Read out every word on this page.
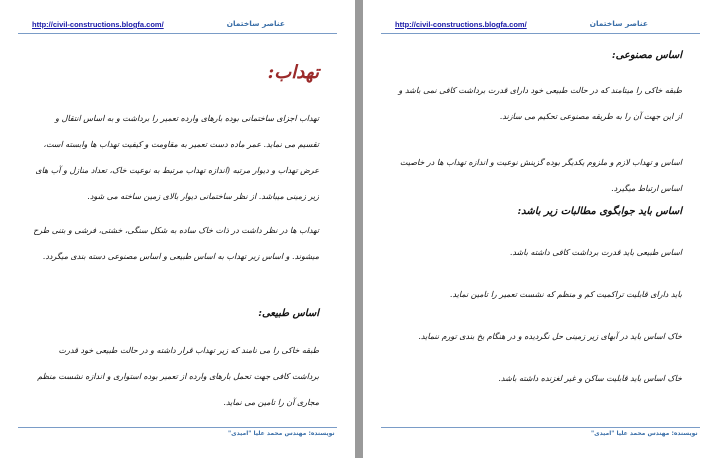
http://civil-constructions.blogfa.com/	عناصر ساختمان

تهداب:

تهداب اجزای ساختمانی بوده بارهای وارده تعمیر را برداشت و به اساس انتقال و تقسیم می نماید. عمر ماده دست تعمیر به مقاومت و کیفیت تهداب ها وابسته است، عرض تهداب و دیوار مرتبه (اندازه تهداب مرتبط به نوعیت خاک، تعداد منازل و آب های زیر زمینی میباشد. از نظر ساختمانی دیوار بالای زمین ساخته می شود.

تهداب ها در نظر داشت در ذات خاک ساده به شکل سنگی، خشتی، فرشی و بتنی طرح میشوند. و اساس زیر تهداب به اساس طبیعی و اساس مصنوعی دسته بندی میگردد.

اساس طبیعی:

طبقه خاکی را می نامند که زیر تهداب قرار داشته و در حالت طبیعی خود قدرت برداشت کافی جهت تحمل بارهای وارده از تعمیر بوده استواری و اندازه نشست منظم مجاری آن را تامین می نماید.

نویسنده: مهندس محمد علیا "امیدی"
http://civil-constructions.blogfa.com/	عناصر ساختمان

اساس مصنوعی:

طبقه خاکی را میتامند که در حالت طبیعی خود دارای قدرت برداشت کافی نمی باشد و از این جهت آن را به طریقه مصنوعی تحکیم می سازند.

اساس و تهداب لازم و ملزوم یکدیگر بوده گزینش نوعیت و اندازه تهداب ها در خاصیت اساس ارتباط میگیرد.

اساس باید جوابگوی مطالبات زیر باشد:

اساس طبیعی باید قدرت برداشت کافی داشته باشد.

باید دارای قابلیت تراکمیت کم و منظم که نشست تعمیر را تامین نماید.

خاک اساس باید در آبهای زیر زمینی حل نگردیده و در هنگام یخ بندی تورم ننماید.

خاک اساس باید قابلیت ساکن و غیر لغزنده داشته باشد.

نویسنده: مهندس محمد علیا "امیدی"
